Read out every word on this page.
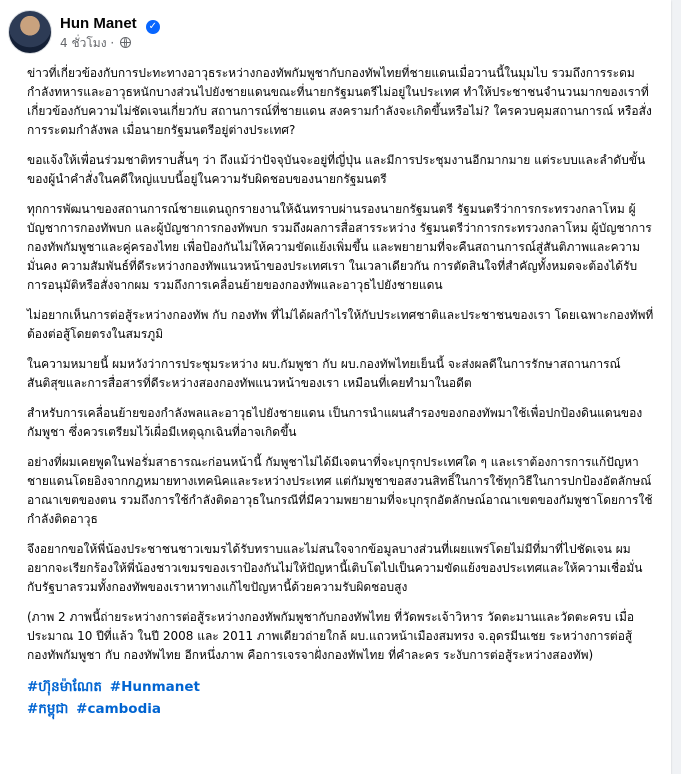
Hun Manet ✓
4 ชั่วโมง ·

ข่าวที่เกี่ยวข้องกับการปะทะทางอาวุธระหว่างกองทัพกัมพูชากับกองทัพไทยที่ชายแดนเมื่อวานนี้ในมุมไบ รวมถึงการระดมกำลังทหารและอาวุธหนักบางส่วนไปยังชายแดนขณะที่นายกรัฐมนตรีไม่อยู่ในประเทศ ทำให้ประชาชนจำนวนมากของเราที่เกี่ยวข้องกับความไม่ชัดเจนเกี่ยวกับ สถานการณ์ที่ชายแดน สงครามกำลังจะเกิดขึ้นหรือไม่? ใครควบคุมสถานการณ์ หรือสั่งการระดมกำลังพล เมื่อนายกรัฐมนตรีอยู่ต่างประเทศ?

ขอแจ้งให้เพื่อนร่วมชาติทราบสั้นๆ ว่า ถึงแม้ว่าปัจจุบันจะอยู่ที่ญี่ปุ่น และมีการประชุมงานอีกมากมาย แต่ระบบและลำดับขั้นของผู้นำคำสั่งในคดีใหญ่แบบนี้อยู่ในความรับผิดชอบของนายกรัฐมนตรี

ทุกการพัฒนาของสถานการณ์ชายแดนถูกรายงานให้ฉันทราบผ่านรองนายกรัฐมนตรี รัฐมนตรีว่าการกระทรวงกลาโหม ผู้บัญชาการกองทัพบก และผู้บัญชาการกองทัพบก รวมถึงผลการสื่อสารระหว่าง รัฐมนตรีว่าการกระทรวงกลาโหม ผู้บัญชาการกองทัพกัมพูชาและคู่ครองไทย เพื่อป้องกันไม่ให้ความขัดแย้งเพิ่มขึ้น และพยายามที่จะคืนสถานการณ์สู่สันติภาพและความมั่นคง ความสัมพันธ์ที่ดีระหว่างกองทัพแนวหน้าของประเทศเรา ในเวลาเดียวกัน การตัดสินใจที่สำคัญทั้งหมดจะต้องได้รับการอนุมัติหรือสั่งจากผม รวมถึงการเคลื่อนย้ายของกองทัพและอาวุธไปยังชายแดน

ไม่อยากเห็นการต่อสู้ระหว่างกองทัพ กับ กองทัพ ที่ไม่ได้ผลกำไรให้กับประเทศชาติและประชาชนของเรา โดยเฉพาะกองทัพที่ต้องต่อสู้โดยตรงในสมรภูมิ

ในความหมายนี้ ผมหวังว่าการประชุมระหว่าง ผบ.กัมพูชา กับ ผบ.กองทัพไทยเย็นนี้ จะส่งผลดีในการรักษาสถานการณ์สันติสุขและการสื่อสารที่ดีระหว่างสองกองทัพแนวหน้าของเรา เหมือนที่เคยทำมาในอดีต

สำหรับการเคลื่อนย้ายของกำลังพลและอาวุธไปยังชายแดน เป็นการนำแผนสำรองของกองทัพมาใช้เพื่อปกป้องดินแดนของกัมพูชา ซึ่งควรเตรียมไว้เผื่อมีเหตุฉุกเฉินที่อาจเกิดขึ้น

อย่างที่ผมเคยพูดในฟอรั่มสาธารณะก่อนหน้านี้ กัมพูชาไม่ได้มีเจตนาที่จะบุกรุกประเทศใด ๆ และเราต้องการการแก้ปัญหาชายแดนโดยอิงจากกฎหมายทางเทคนิคและระหว่างประเทศ แต่กัมพูชาขอสงวนสิทธิ์ในการใช้ทุกวิธีในการปกป้องอัตลักษณ์อาณาเขตของตน รวมถึงการใช้กำลังติดอาวุธในกรณีที่มีความพยายามที่จะบุกรุกอัตลักษณ์อาณาเขตของกัมพูชาโดยการใช้กำลังติดอาวุธ

จึงอยากขอให้พี่น้องประชาชนชาวเขมรได้รับทราบและไม่สนใจจากข้อมูลบางส่วนที่เผยแพร่โดยไม่มีที่มาที่ไปชัดเจน ผมอยากจะเรียกร้องให้พี่น้องชาวเขมรของเราป้องกันไม่ให้ปัญหานี้เติบโตไปเป็นความขัดแย้งของประเทศและให้ความเชื่อมั่นกับรัฐบาลรวมทั้งกองทัพของเราหาทางแก้ไขปัญหานี้ด้วยความรับผิดชอบสูง

(ภาพ 2 ภาพนี้ถ่ายระหว่างการต่อสู้ระหว่างกองทัพกัมพูชากับกองทัพไทย ที่วัดพระเจ้าวิหาร วัดตะมานและวัดตะครบ เมื่อประมาณ 10 ปีที่แล้ว ในปี 2008 และ 2011 ภาพเดียวถ่ายใกล้ ผบ.แถวหน้าเมืองสมทรง จ.อุดรมีนเชย ระหว่างการต่อสู้กองทัพกัมพูชา กับ กองทัพไทย อีกหนึ่งภาพ คือการเจรจาฝั่งกองทัพไทย ที่คำละคร ระงับการต่อสู้ระหว่างสองทัพ)

#ហ៊ុនម៉ាណែត #Hunmanet
#កម្ពុជា #cambodia
